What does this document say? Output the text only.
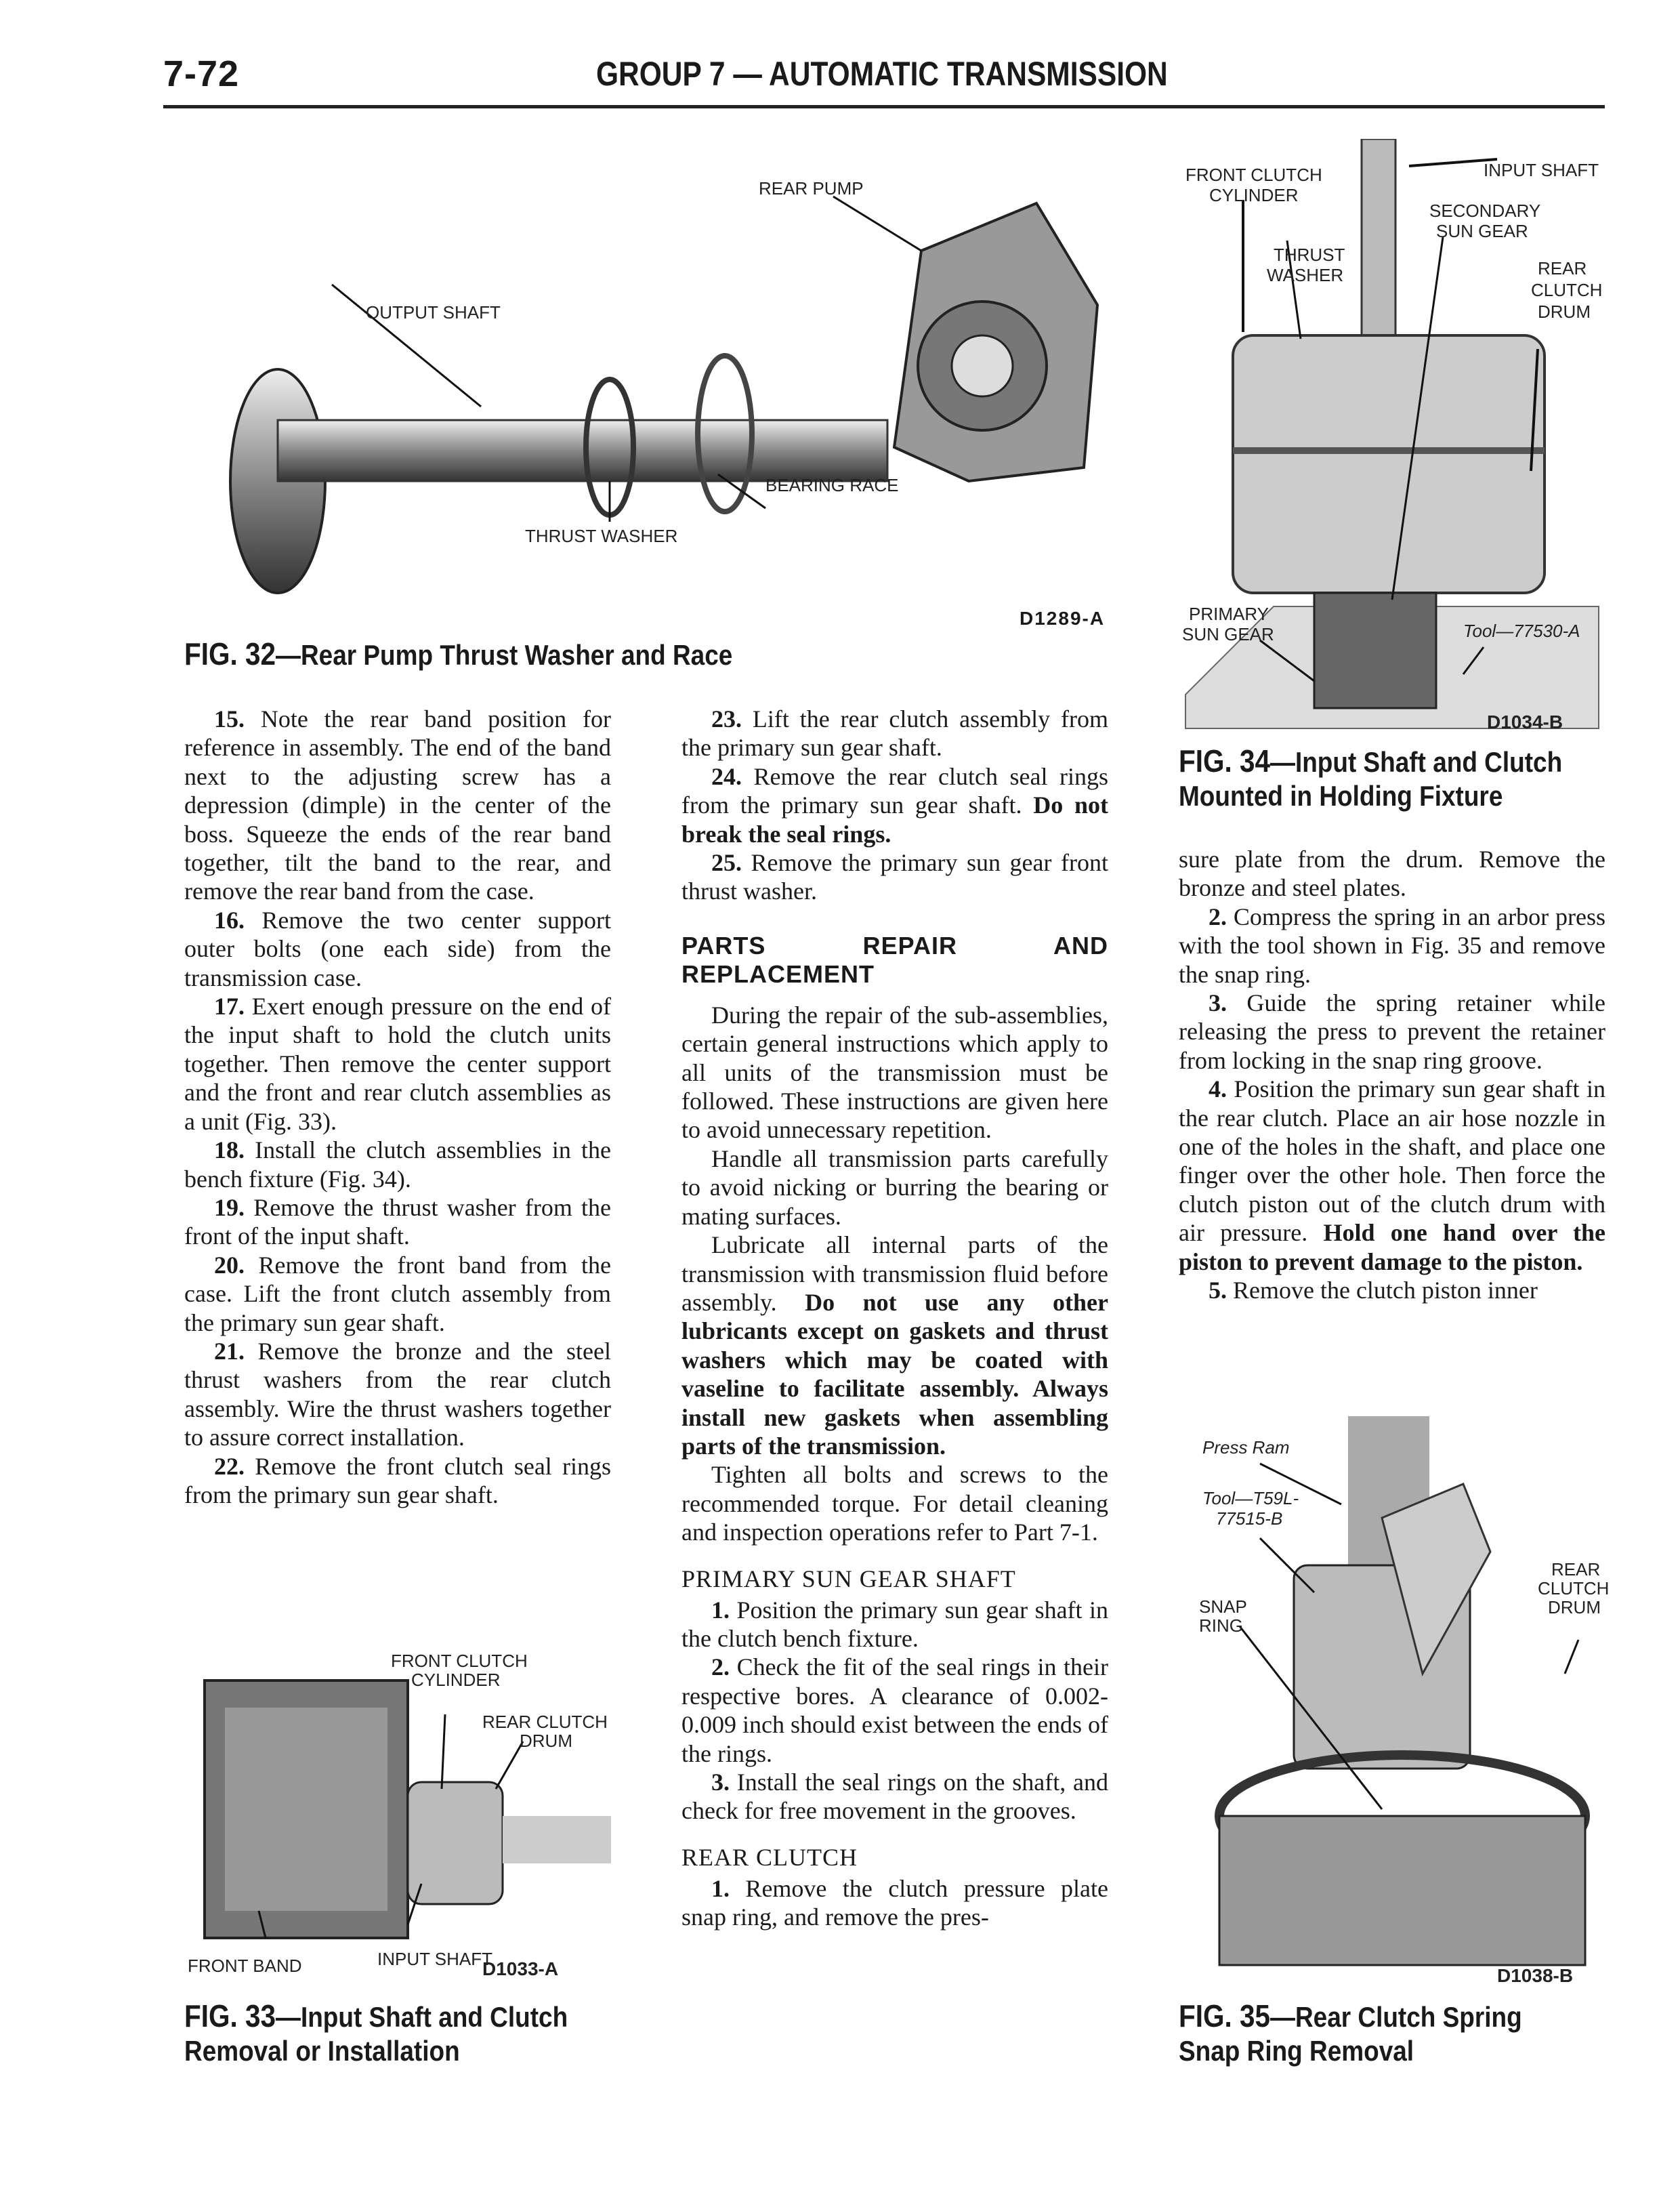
7-72	GROUP 7 — AUTOMATIC TRANSMISSION
OUTPUT SHAFT
REAR PUMP
BEARING RACE
THRUST WASHER
D1289-A
FIG. 32—Rear Pump Thrust Washer and Race
FRONT CLUTCH
CYLINDER
INPUT SHAFT
SECONDARY
SUN GEAR
THRUST
WASHER	REAR
CLUTCH
DRUM
PRIMARY
SUN GEAR	Tool—77530-A
D1034-B
FIG. 34—Input Shaft and Clutch
Mounted in Holding Fixture

15. Note the rear band position for reference in assembly. The end of the band next to the adjusting screw has a depression (dimple) in the center of the boss. Squeeze the ends of the rear band together, tilt the band to the rear, and remove the rear band from the case.

16. Remove the two center support outer bolts (one each side) from the transmission case.

17. Exert enough pressure on the end of the input shaft to hold the clutch units together. Then remove the center support and the front and rear clutch assemblies as a unit (Fig. 33).

18. Install the clutch assemblies in the bench fixture (Fig. 34).

19. Remove the thrust washer from the front of the input shaft.

20. Remove the front band from the case. Lift the front clutch assembly from the primary sun gear shaft.

21. Remove the bronze and the steel thrust washers from the rear clutch assembly. Wire the thrust washers together to assure correct installation.

22. Remove the front clutch seal rings from the primary sun gear shaft.

23. Lift the rear clutch assembly from the primary sun gear shaft.

24. Remove the rear clutch seal rings from the primary sun gear shaft. Do not break the seal rings.

25. Remove the primary sun gear front thrust washer.

PARTS REPAIR AND REPLACEMENT

During the repair of the sub-assemblies, certain general instructions which apply to all units of the transmission must be followed. These instructions are given here to avoid unnecessary repetition.

Handle all transmission parts carefully to avoid nicking or burring the bearing or mating surfaces.

Lubricate all internal parts of the transmission with transmission fluid before assembly. Do not use any other lubricants except on gaskets and thrust washers which may be coated with vaseline to facilitate assembly. Always install new gaskets when assembling parts of the transmission.

Tighten all bolts and screws to the recommended torque. For detail cleaning and inspection operations refer to Part 7-1.

PRIMARY SUN GEAR SHAFT

1. Position the primary sun gear shaft in the clutch bench fixture.

2. Check the fit of the seal rings in their respective bores. A clearance of 0.002-0.009 inch should exist between the ends of the rings.

3. Install the seal rings on the shaft, and check for free movement in the grooves.

REAR CLUTCH

1. Remove the clutch pressure plate snap ring, and remove the pres-

sure plate from the drum. Remove the bronze and steel plates.

2. Compress the spring in an arbor press with the tool shown in Fig. 35 and remove the snap ring.

3. Guide the spring retainer while releasing the press to prevent the retainer from locking in the snap ring groove.

4. Position the primary sun gear shaft in the rear clutch. Place an air hose nozzle in one of the holes in the shaft, and place one finger over the other hole. Then force the clutch piston out of the clutch drum with air pressure. Hold one hand over the piston to prevent damage to the piston.

5. Remove the clutch piston inner

FRONT CLUTCH
CYLINDER
REAR CLUTCH
DRUM
FRONT BAND	INPUT SHAFT
D1033-A
FIG. 33—Input Shaft and Clutch
Removal or Installation
Press Ram
Tool—T59L-
77515-B
SNAP
RING
REAR
CLUTCH
DRUM
D1038-B
FIG. 35—Rear Clutch Spring
Snap Ring Removal
